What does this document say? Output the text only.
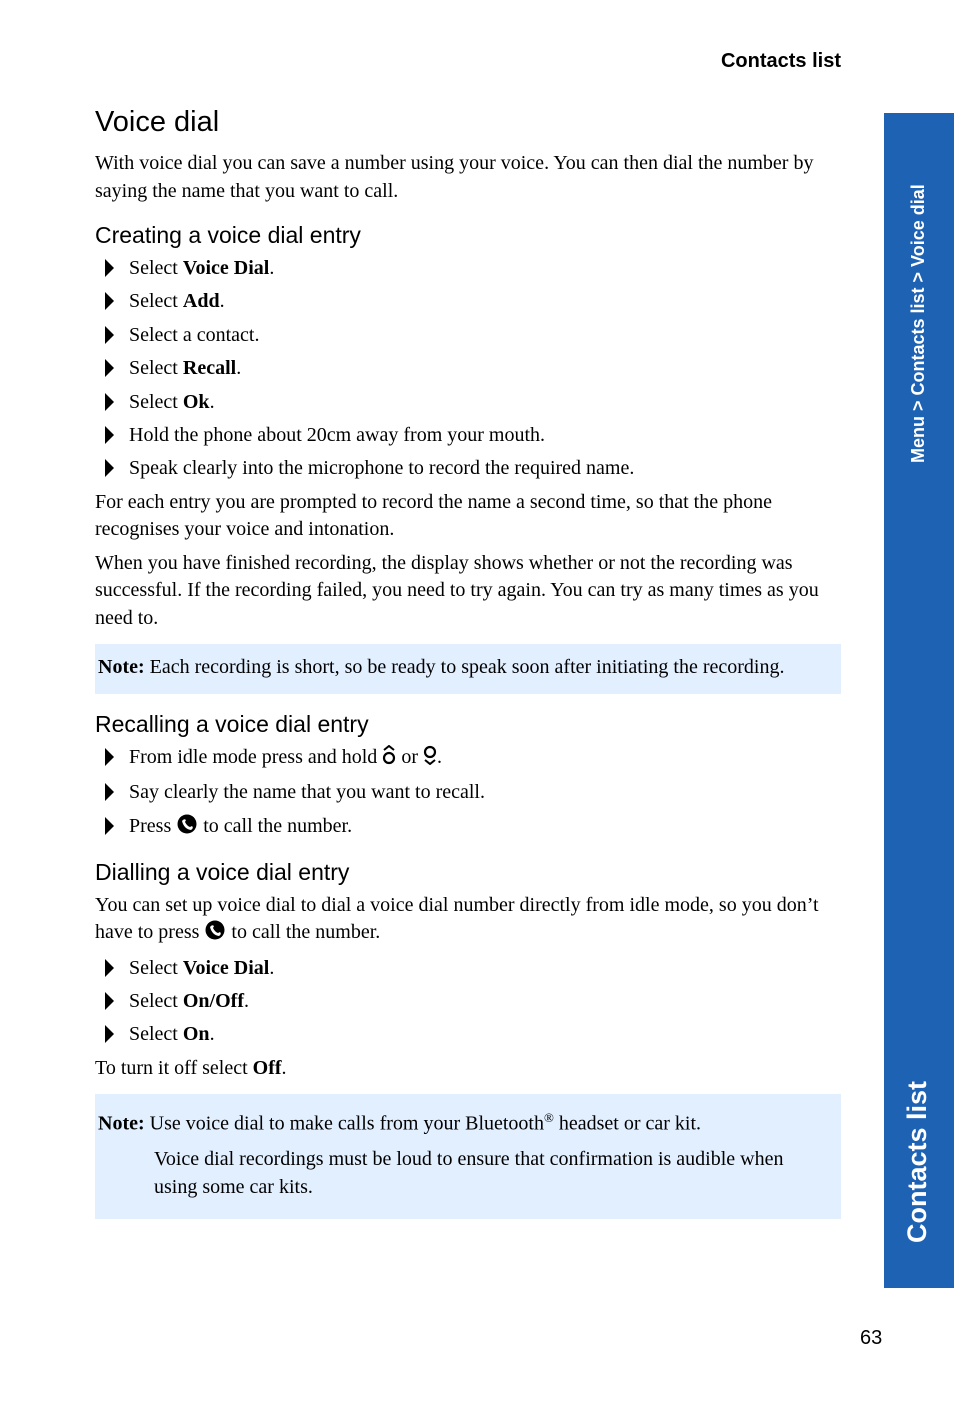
Contacts list
Voice dial

With voice dial you can save a number using your voice. You can then dial the number by saying the name that you want to call.

Creating a voice dial entry
Select Voice Dial.
Select Add.
Select a contact.
Select Recall.
Select Ok.
Hold the phone about 20cm away from your mouth.
Speak clearly into the microphone to record the required name.

For each entry you are prompted to record the name a second time, so that the phone recognises your voice and intonation.

When you have finished recording, the display shows whether or not the recording was successful. If the recording failed, you need to try again. You can try as many times as you need to.

Note: Each recording is short, so be ready to speak soon after initiating the recording.

Recalling a voice dial entry
From idle mode press and hold  or .
Say clearly the name that you want to recall.
Press  to call the number.
Dialling a voice dial entry

You can set up voice dial to dial a voice dial number directly from idle mode, so you don’t have to press  to call the number.

Select Voice Dial.
Select On/Off.
Select On.

To turn it off select Off.

Note: Use voice dial to make calls from your Bluetooth® headset or car kit.

Voice dial recordings must be loud to ensure that confirmation is audible when using some car kits.

Menu > Contacts list > Voice dial
Contacts list
63
